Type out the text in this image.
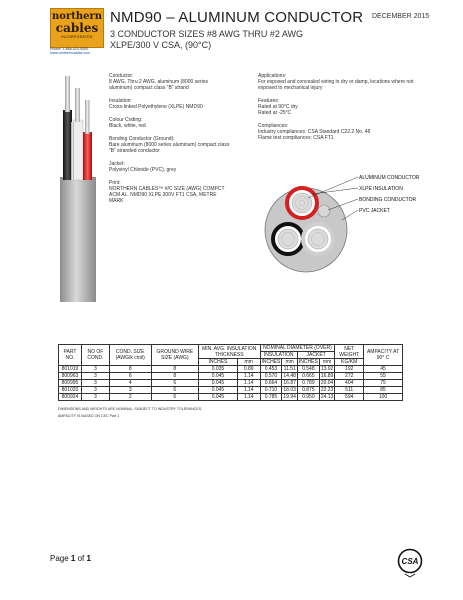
northern
cables
INCORPORATED
Phone: 1-866-524-5050
www.northerncables.com
NMD90 – ALUMINUM CONDUCTOR DECEMBER 2015
3 CONDUCTOR SIZES #8 AWG THRU #2 AWG
XLPE/300 V CSA, (90°C)
Conductor:
8 AWG. Thru 2 AWG. aluminum (8000 series aluminum) compact class “B” strand
Insulation:
Cross-linked Polyethylene (XLPE) NMD90
Colour Coding:
Black, white, red
Bonding Conductor (Ground):
Bare aluminum (8000 series aluminum) compact class “B” stranded conductor
Jacket:
Polyvinyl Chloride (PVC), grey
Print:
NORTHERN CABLES™ #/C SIZE (AWG) COMPCT ACM AL. NMD90 XLPE 300V FT1 CSA, METRE MARK
Applications:
For exposed and concealed wiring in dry or damp, locations where not exposed to mechanical injury
Features:
Rated at 90°C dry
Rated at -25°C
Compliances:
Industry compliances: CSA Standard C22.2 No. 48
Flame test compliances: CSA FT1
ALUMINUM CONDUCTOR
XLPE INSULATION
BONDING CONDUCTOR
PVC JACKET
PART NO.	NO OF COND.	COND. SIZE (AWG/k cmil)	GROUND WIRE SIZE (AWG)	MIN. AVG. INSULATION THICKNESS		NOMINAL DIAMETER (OVER)				NET WEIGHT	AMPACITY AT 90° C
						INSULATION		JACKET			
				INCHES	mm	INCHES	mm	INCHES	mm	KG/KM	
801019	3	8	8	0.035	0.89	0.453	11.51	0.548	13.92	192	45
800963	3	6	8	0.045	1.14	0.570	14.48	0.665	16.89	272	55
800995	3	4	6	0.045	1.14	0.664	16.87	0.789	20.04	404	75
801020	3	3	6	0.045	1.14	0.710	18.03	0.875	22.23	511	85
800924	3	2	6	0.045	1.14	0.785	19.94	0.950	24.13	594	100
DIMENSIONS AND WEIGHTS ARE NOMINAL; SUBJECT TO INDUSTRY TOLERANCES.
AMPACITY IS BASED ON CEC Part 1
Page 1 of 1	CSA
